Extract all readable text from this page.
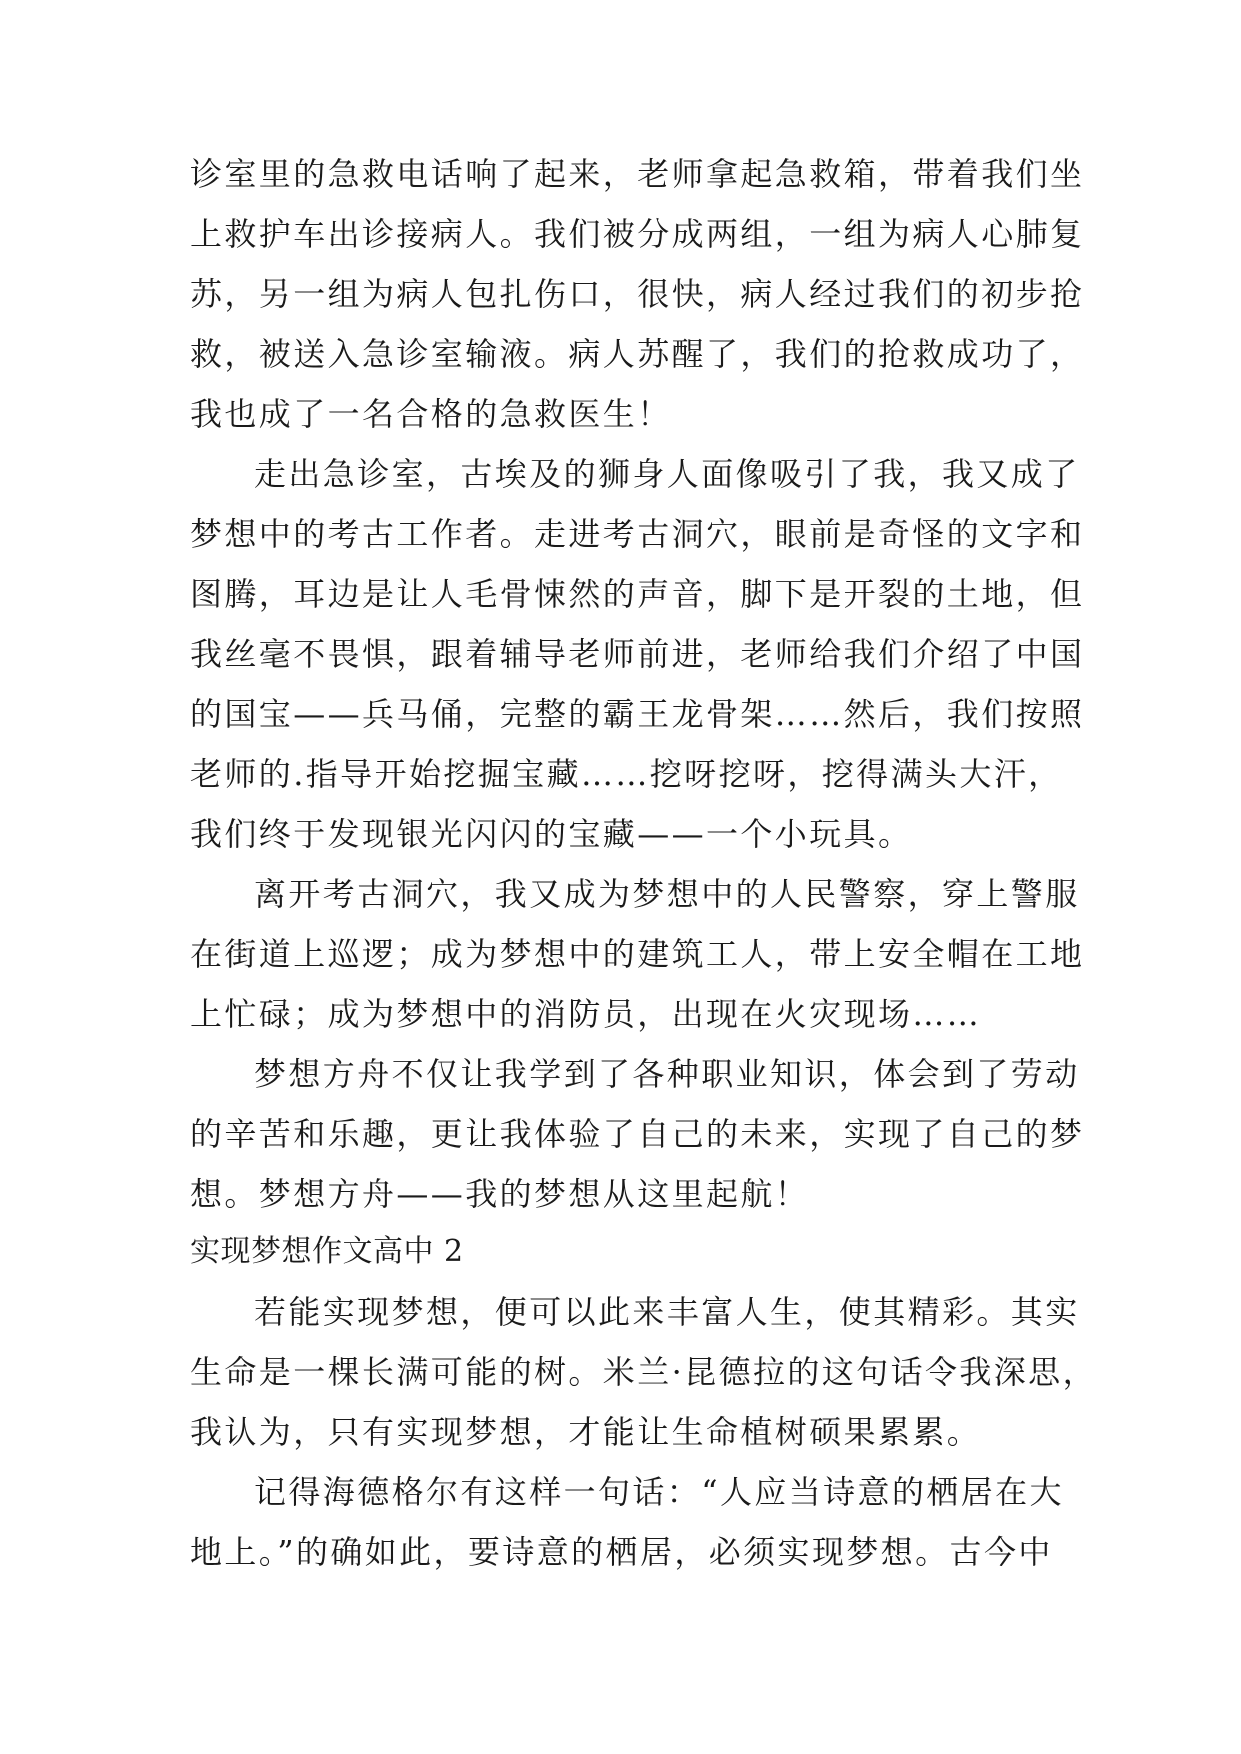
诊室里的急救电话响了起来，老师拿起急救箱，带着我们坐
上救护车出诊接病人。我们被分成两组，一组为病人心肺复
苏，另一组为病人包扎伤口，很快，病人经过我们的初步抢
救，被送入急诊室输液。病人苏醒了，我们的抢救成功了，
我也成了一名合格的急救医生！
走出急诊室，古埃及的狮身人面像吸引了我，我又成了
梦想中的考古工作者。走进考古洞穴，眼前是奇怪的文字和
图腾，耳边是让人毛骨悚然的声音，脚下是开裂的土地，但
我丝毫不畏惧，跟着辅导老师前进，老师给我们介绍了中国
的国宝——兵马俑，完整的霸王龙骨架……然后，我们按照
老师的.指导开始挖掘宝藏……挖呀挖呀，挖得满头大汗，
我们终于发现银光闪闪的宝藏——一个小玩具。
离开考古洞穴，我又成为梦想中的人民警察，穿上警服
在街道上巡逻；成为梦想中的建筑工人，带上安全帽在工地
上忙碌；成为梦想中的消防员，出现在火灾现场……
梦想方舟不仅让我学到了各种职业知识，体会到了劳动
的辛苦和乐趣，更让我体验了自己的未来，实现了自己的梦
想。梦想方舟——我的梦想从这里起航！
实现梦想作文高中 2
若能实现梦想，便可以此来丰富人生，使其精彩。其实
生命是一棵长满可能的树。米兰·昆德拉的这句话令我深思，
我认为，只有实现梦想，才能让生命植树硕果累累。
记得海德格尔有这样一句话：“人应当诗意的栖居在大
地上。”的确如此，要诗意的栖居，必须实现梦想。古今中
